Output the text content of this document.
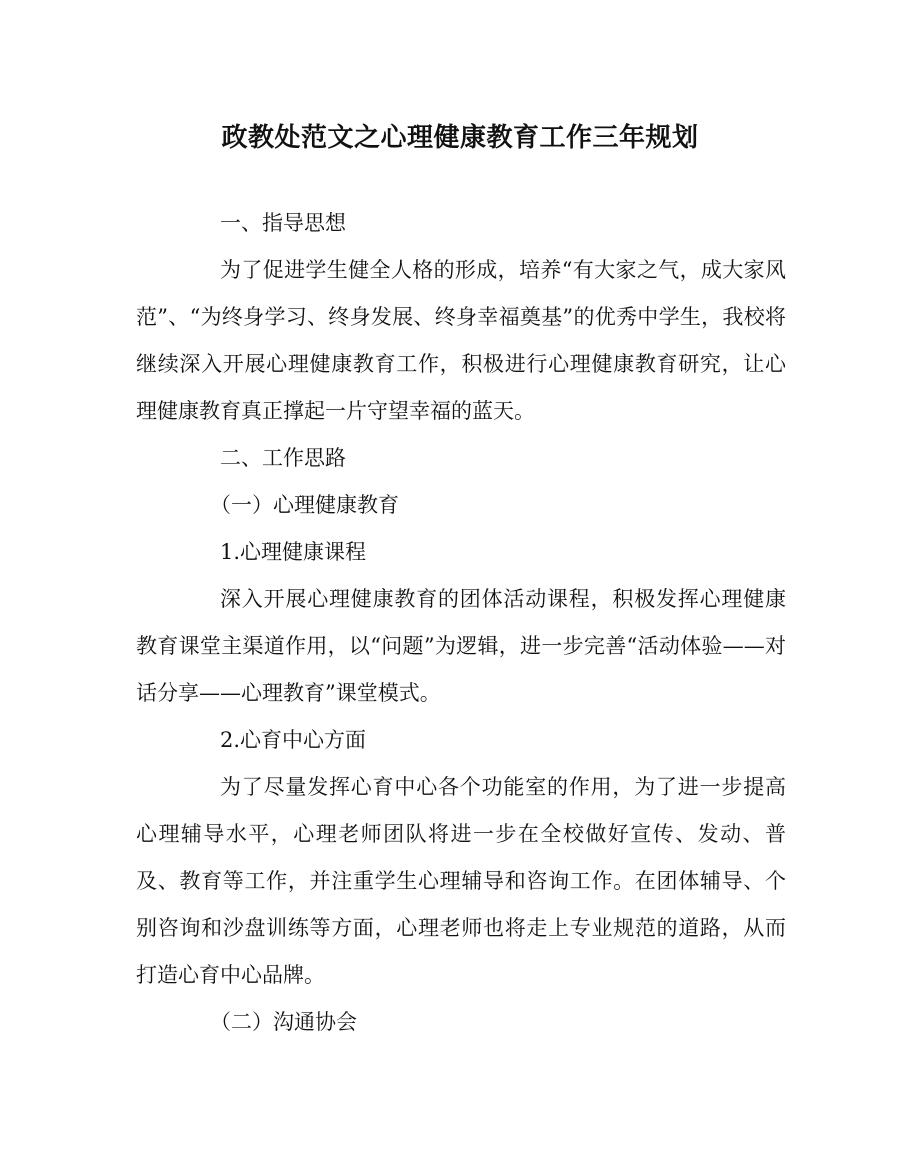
政教处范文之心理健康教育工作三年规划

一、指导思想

为了促进学生健全人格的形成，培养“有大家之气，成大家风范”、“为终身学习、终身发展、终身幸福奠基”的优秀中学生，我校将继续深入开展心理健康教育工作，积极进行心理健康教育研究，让心理健康教育真正撑起一片守望幸福的蓝天。

二、工作思路

（一）心理健康教育

1.心理健康课程

深入开展心理健康教育的团体活动课程，积极发挥心理健康教育课堂主渠道作用，以“问题”为逻辑，进一步完善“活动体验——对话分享——心理教育”课堂模式。

2.心育中心方面

为了尽量发挥心育中心各个功能室的作用，为了进一步提高心理辅导水平，心理老师团队将进一步在全校做好宣传、发动、普及、教育等工作，并注重学生心理辅导和咨询工作。在团体辅导、个别咨询和沙盘训练等方面，心理老师也将走上专业规范的道路，从而打造心育中心品牌。

（二）沟通协会
